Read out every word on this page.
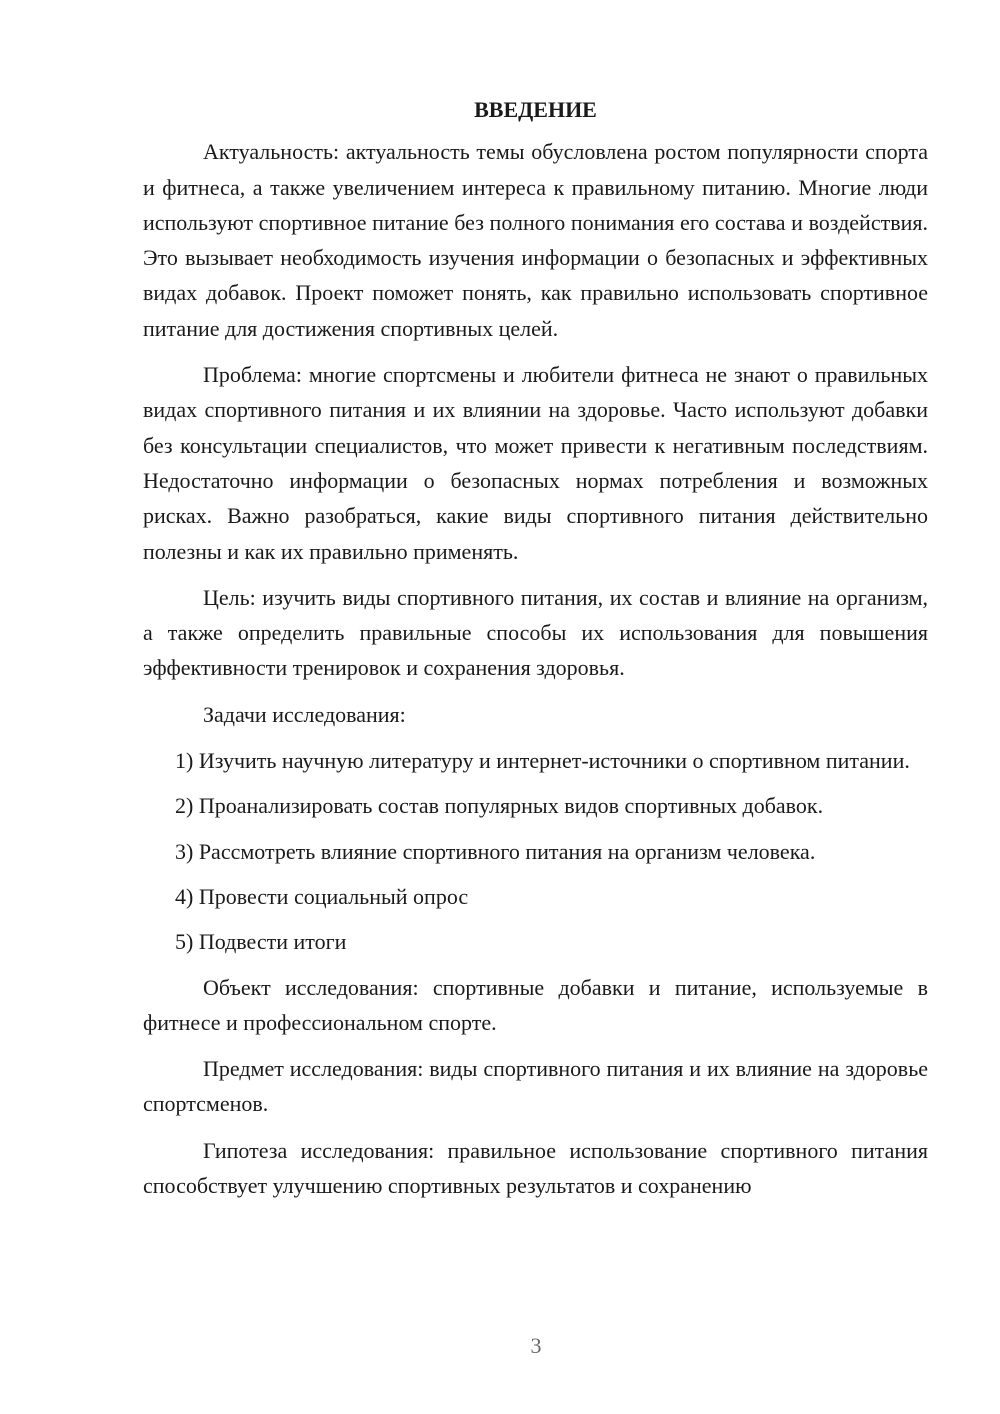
ВВЕДЕНИЕ

Актуальность: актуальность темы обусловлена ростом популярности спорта и фитнеса, а также увеличением интереса к правильному питанию. Многие люди используют спортивное питание без полного понимания его состава и воздействия. Это вызывает необходимость изучения информации о безопасных и эффективных видах добавок. Проект поможет понять, как правильно использовать спортивное питание для достижения спортивных целей.

Проблема: многие спортсмены и любители фитнеса не знают о правильных видах спортивного питания и их влиянии на здоровье. Часто используют добавки без консультации специалистов, что может привести к негативным последствиям. Недостаточно информации о безопасных нормах потребления и возможных рисках. Важно разобраться, какие виды спортивного питания действительно полезны и как их правильно применять.

Цель: изучить виды спортивного питания, их состав и влияние на организм, а также определить правильные способы их использования для повышения эффективности тренировок и сохранения здоровья.

Задачи исследования:

1) Изучить научную литературу и интернет-источники о спортивном питании.

2) Проанализировать состав популярных видов спортивных добавок.

3) Рассмотреть влияние спортивного питания на организм человека.

4) Провести социальный опрос

5) Подвести итоги

Объект исследования: спортивные добавки и питание, используемые в фитнесе и профессиональном спорте.

Предмет исследования: виды спортивного питания и их влияние на здоровье спортсменов.

Гипотеза исследования: правильное использование спортивного питания способствует улучшению спортивных результатов и сохранению

3
